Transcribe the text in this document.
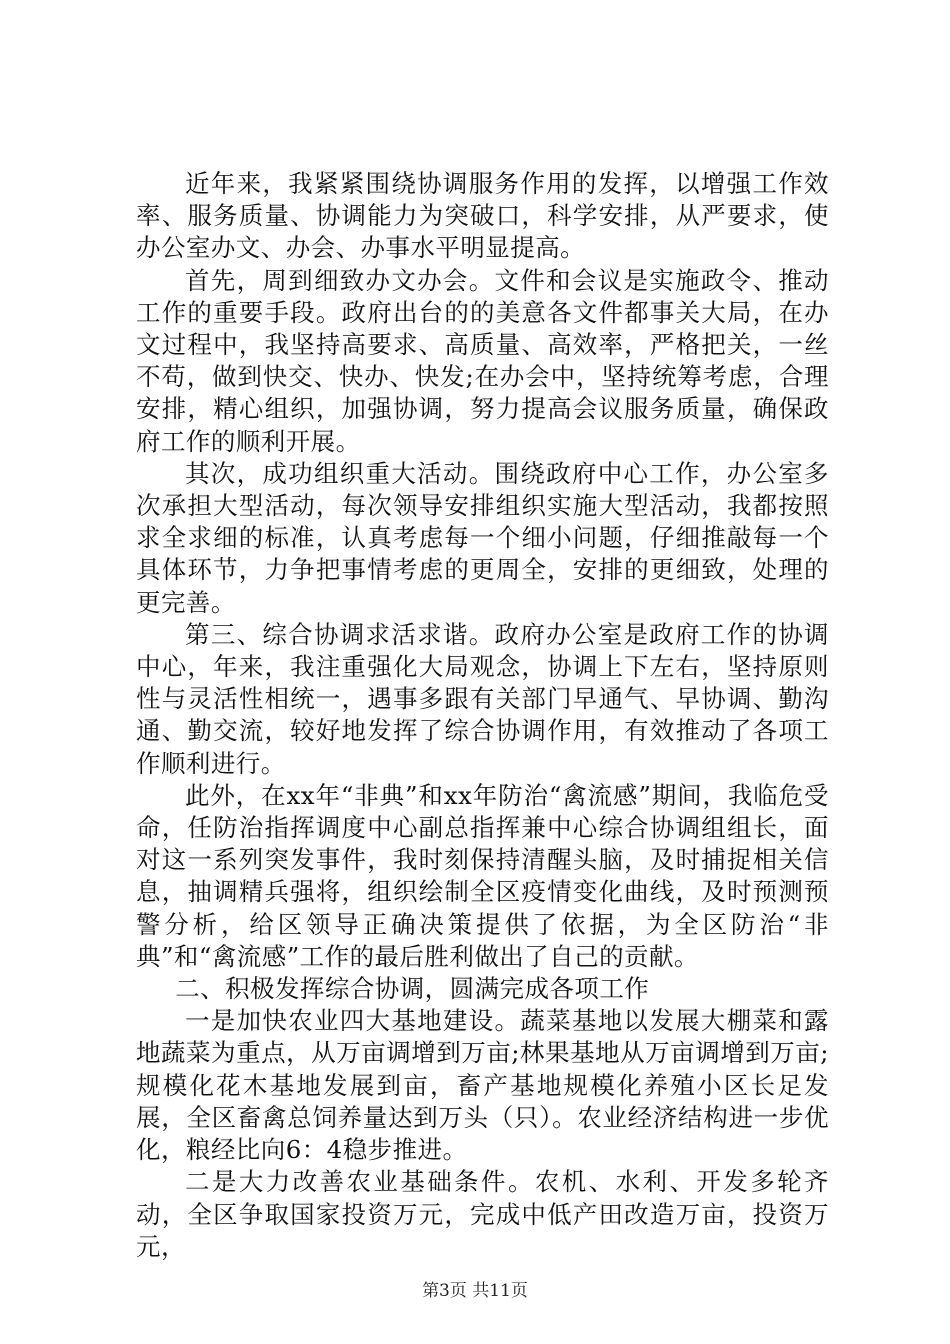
近年来，我紧紧围绕协调服务作用的发挥，以增强工作效率、服务质量、协调能力为突破口，科学安排，从严要求，使办公室办文、办会、办事水平明显提高。

首先，周到细致办文办会。文件和会议是实施政令、推动工作的重要手段。政府出台的的美意各文件都事关大局，在办文过程中，我坚持高要求、高质量、高效率，严格把关，一丝不苟，做到快交、快办、快发;在办会中，坚持统筹考虑，合理安排，精心组织，加强协调，努力提高会议服务质量，确保政府工作的顺利开展。

其次，成功组织重大活动。围绕政府中心工作，办公室多次承担大型活动，每次领导安排组织实施大型活动，我都按照求全求细的标准，认真考虑每一个细小问题，仔细推敲每一个具体环节，力争把事情考虑的更周全，安排的更细致，处理的更完善。

第三、综合协调求活求谐。政府办公室是政府工作的协调中心，年来，我注重强化大局观念，协调上下左右，坚持原则性与灵活性相统一，遇事多跟有关部门早通气、早协调、勤沟通、勤交流，较好地发挥了综合协调作用，有效推动了各项工作顺利进行。

此外，在xx年“非典”和xx年防治“禽流感”期间，我临危受命，任防治指挥调度中心副总指挥兼中心综合协调组组长，面对这一系列突发事件，我时刻保持清醒头脑，及时捕捉相关信息，抽调精兵强将，组织绘制全区疫情变化曲线，及时预测预警分析，给区领导正确决策提供了依据，为全区防治“非典”和“禽流感”工作的最后胜利做出了自己的贡献。

二、积极发挥综合协调，圆满完成各项工作

一是加快农业四大基地建设。蔬菜基地以发展大棚菜和露地蔬菜为重点，从万亩调增到万亩;林果基地从万亩调增到万亩;规模化花木基地发展到亩，畜产基地规模化养殖小区长足发展，全区畜禽总饲养量达到万头（只）。农业经济结构进一步优化，粮经比向6：4稳步推进。

二是大力改善农业基础条件。农机、水利、开发多轮齐动，全区争取国家投资万元，完成中低产田改造万亩，投资万元，

第3页 共11页
